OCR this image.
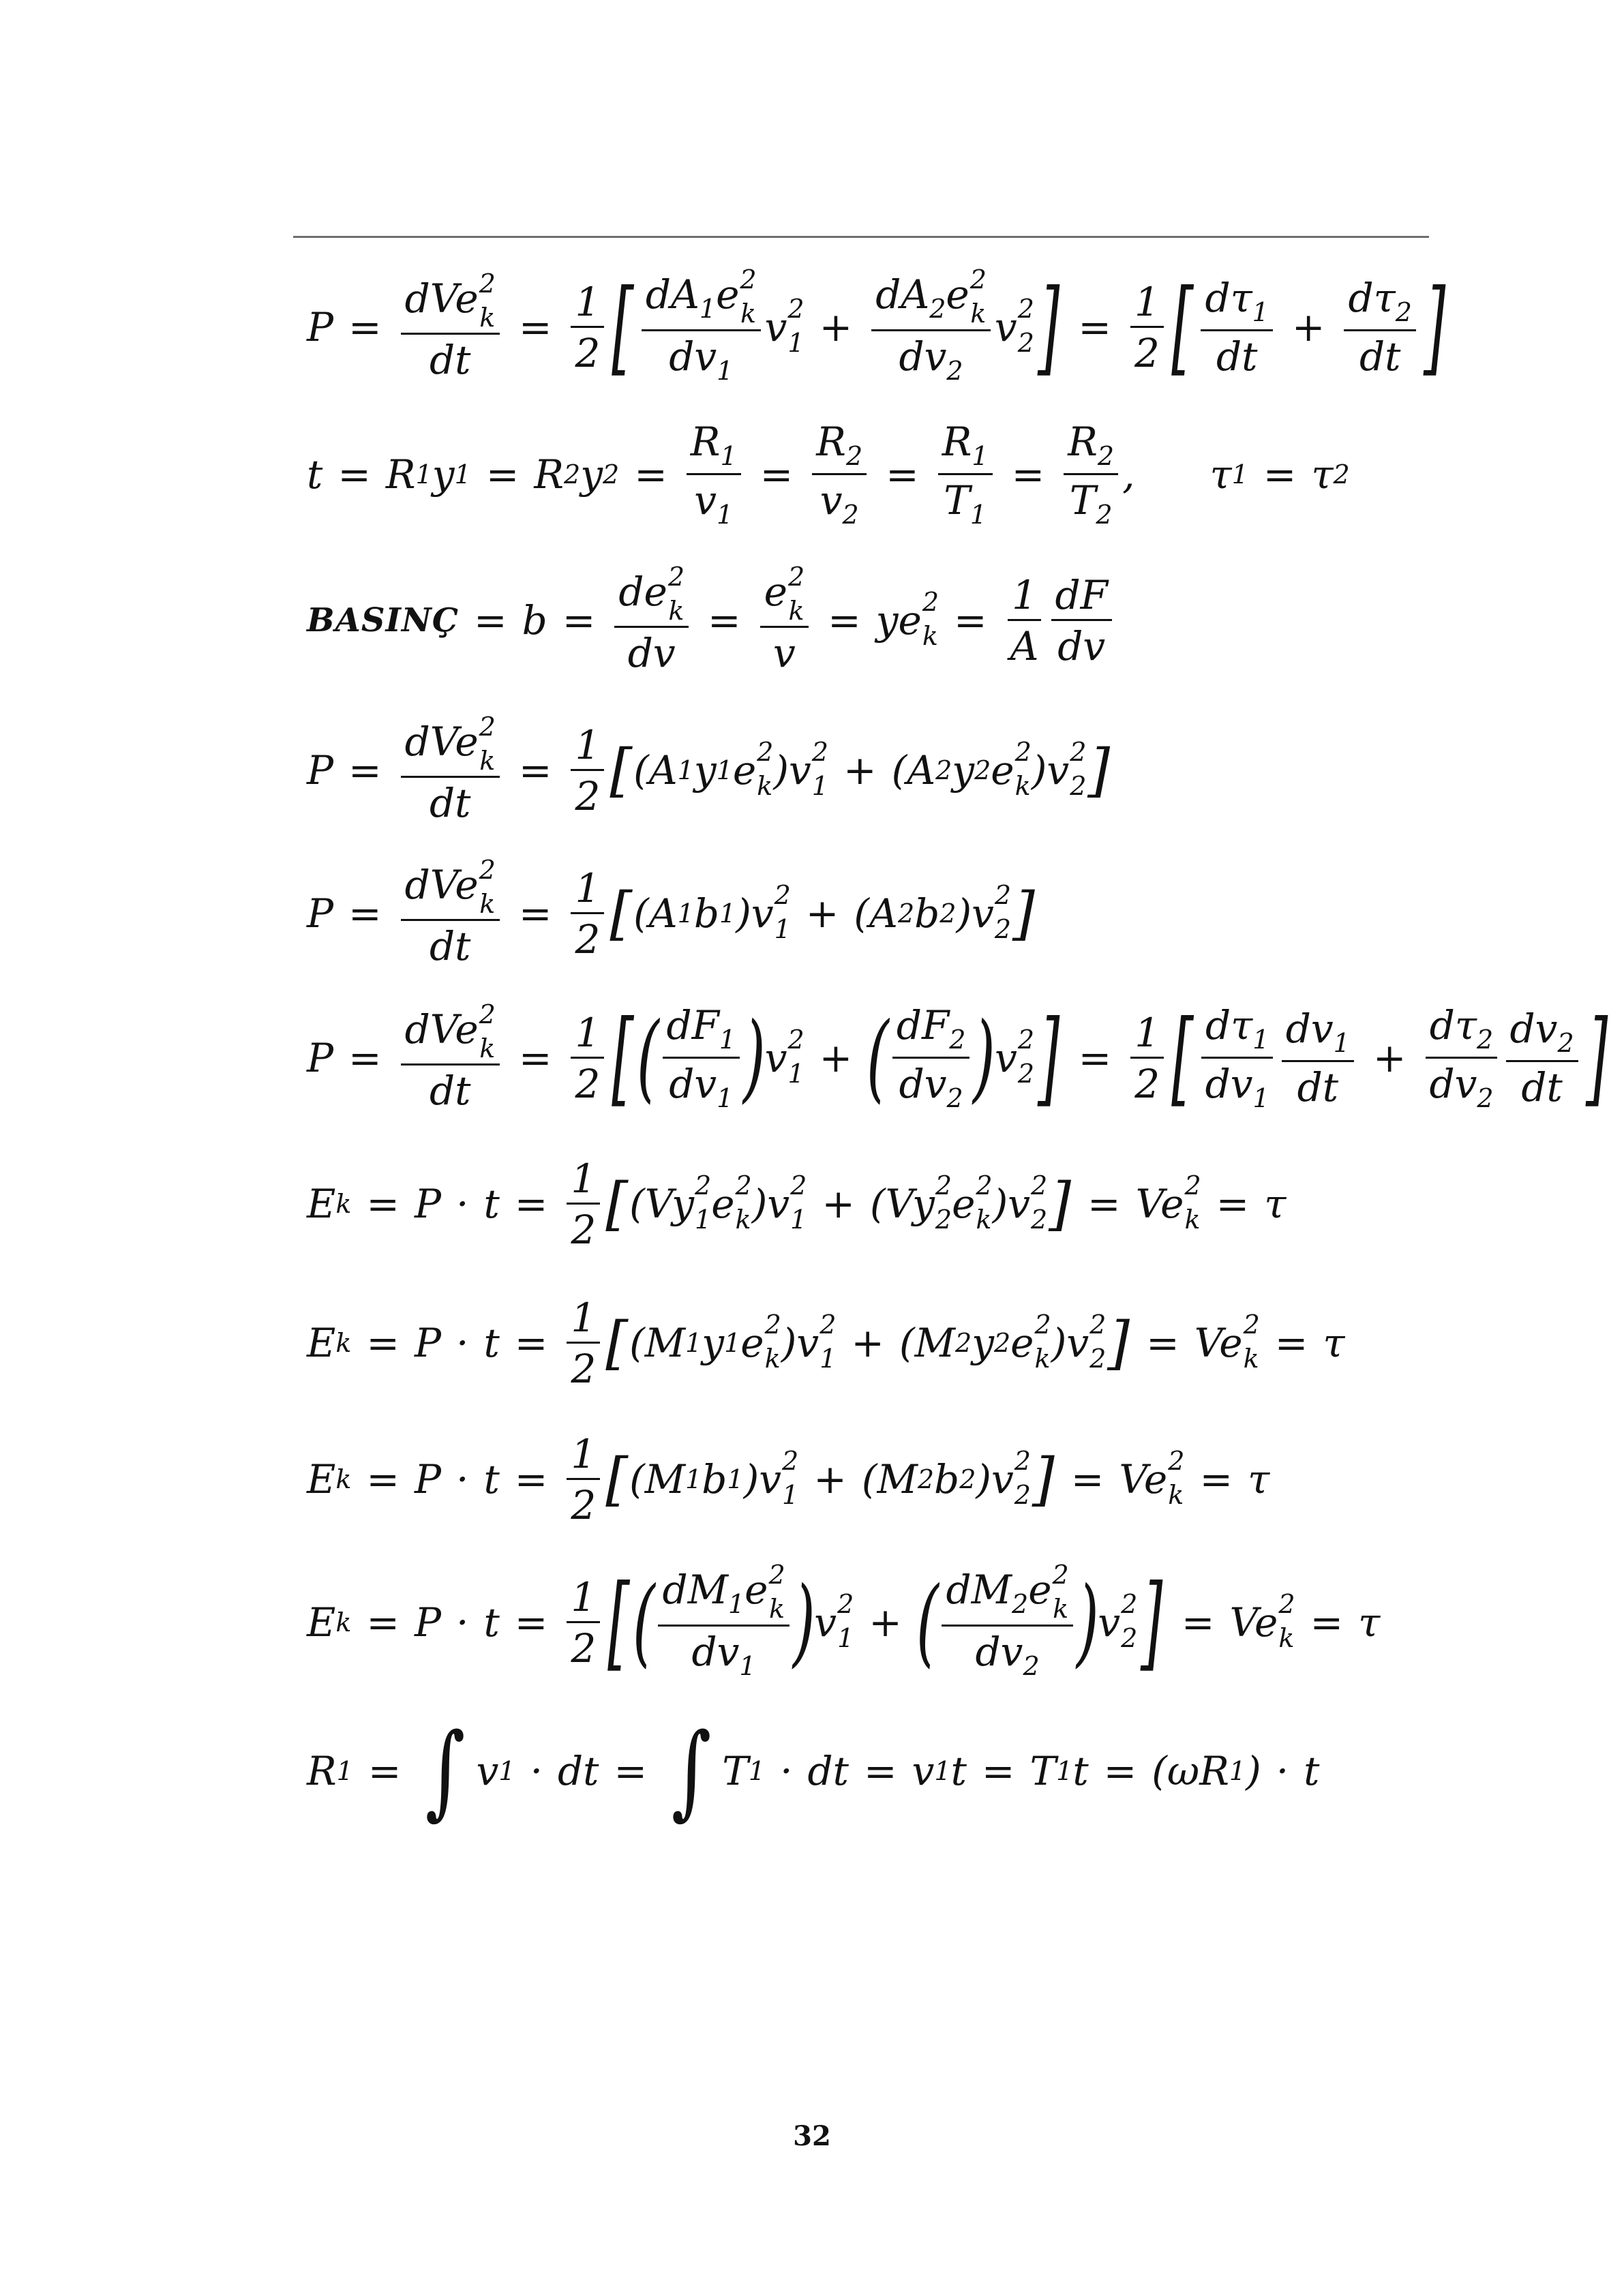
P = dVe 2
k
dt = $\frac{1}{2}$ [ $dA_1e$ 2
k
$dv_1$ v 2
$1 + dA_2e$ 2
k
$dv_2$ v 2
2 ] = $\frac{1}{2}$ [ $\frac{d\tau_1}{dt} + \frac{d\tau_2}{dt}$ ]
t = R 1 y 1 = R 2 y $2 = \frac{R_1}{v_1} = \frac{R_2}{v_2} = \frac{R_1}{T_1} = \frac{R_2}{T_2}$ , τ 1 = τ 2
BASINÇ = b = de 2
k
dv = e 2
k
v = ye 2
$k = \frac{1}{A} \frac{dF}{dv}$
P = dVe 2
k
dt = $\frac{1}{2}$ [ ( A 1 y 1 e 2
k ) v 2
1 + ( A 2 y 2 e 2
k ) v 2
2 ]
P = dVe 2
k
dt = $\frac{1}{2}$ [ ( A 1 b 1 ) v 2
1 + ( A 2 b 2 ) v 2
2 ]
P = dVe 2
k
dt = $\frac{1}{2}$ [ ( $\frac{dF_1}{dv_1}$ )
v 2
1 + ( $\frac{dF_2}{dv_2}$ )
v 2
2 ] = $\frac{1}{2}$ [ $\frac{d\tau_1}{dv_1} \frac{dv_1}{dt} + \frac{d\tau_2}{dv_2} \frac{dv_2}{dt}$ ]
E $k = P \cdot t = \frac{1}{2}$ [ ( Vy 2
1 e 2
k ) v 2
1 + ( Vy 2
2 e 2
k ) v 2
2 ] = Ve 2
k = τ
E $k = P \cdot t = \frac{1}{2}$ [ ( M 1 y 1 e 2
k ) v 2
1 + ( M 2 y 2 e 2
k ) v 2
2 ] = Ve 2
k = τ
E $k = P \cdot t = \frac{1}{2}$ [ ( M 1 b 1 ) v 2
1 + ( M 2 b 2 ) v 2
2 ] = Ve 2
k = τ
E $k = P \cdot t = \frac{1}{2}$ [ ( $dM_1e$ 2
k
$dv_1$ )
v 2
1 + ( $dM_2e$ 2
k
$dv_2$ )
v 2
2 ] = Ve 2
k = τ
R 1 = ∫ v 1 · dt = ∫ T 1 · dt = v 1 t = T 1 t = ( ωR 1 ) · t
32
